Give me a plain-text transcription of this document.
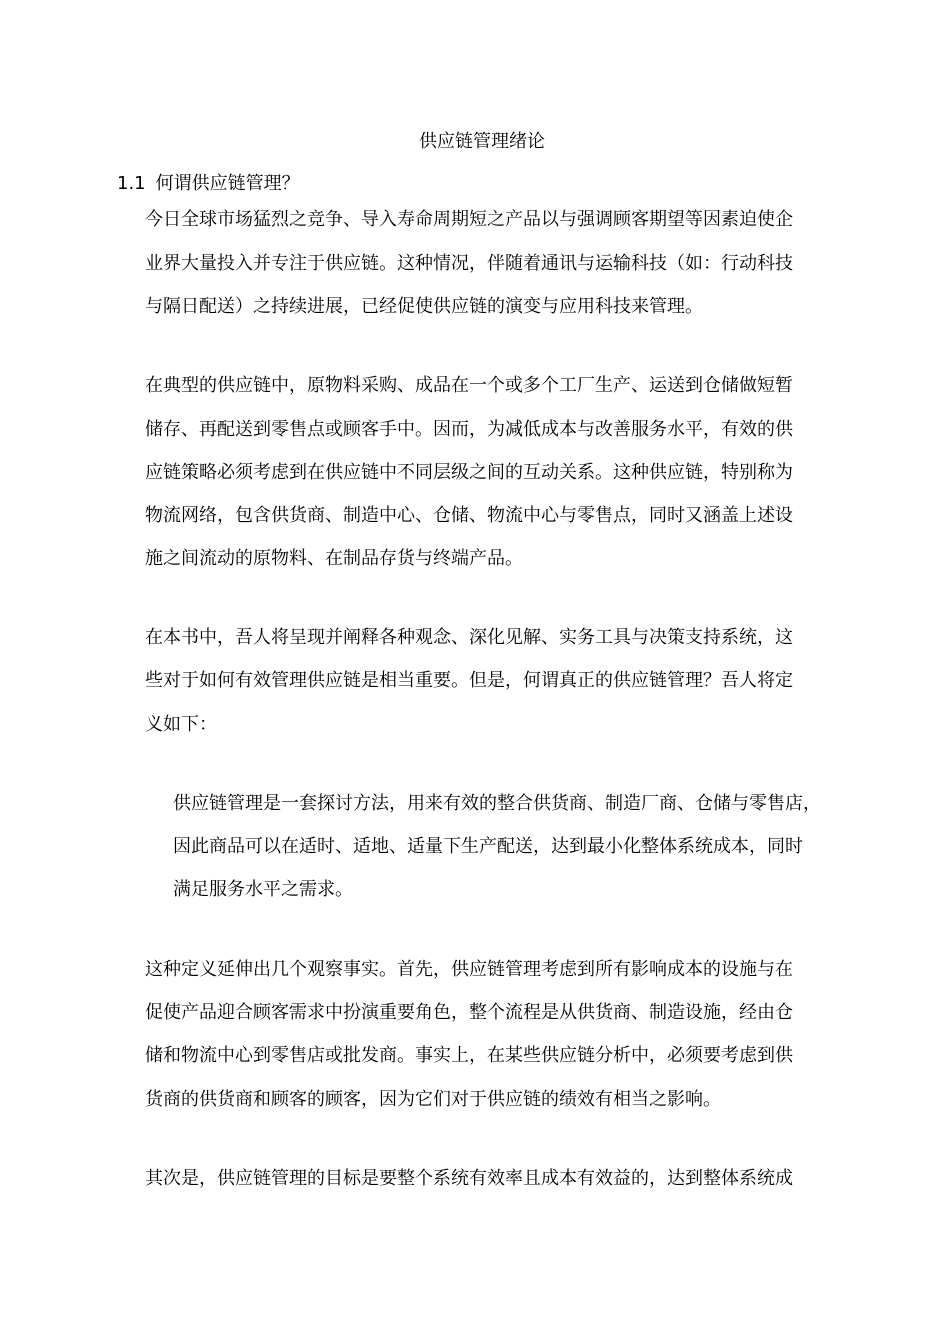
供应链管理绪论
1.1 何谓供应链管理？
今日全球市场猛烈之竞争、导入寿命周期短之产品以与强调顾客期望等因素迫使企
业界大量投入并专注于供应链。这种情况，伴随着通讯与运输科技（如：行动科技
与隔日配送）之持续进展，已经促使供应链的演变与应用科技来管理。
在典型的供应链中，原物料采购、成品在一个或多个工厂生产、运送到仓储做短暂
储存、再配送到零售点或顾客手中。因而，为减低成本与改善服务水平，有效的供
应链策略必须考虑到在供应链中不同层级之间的互动关系。这种供应链，特别称为
物流网络，包含供货商、制造中心、仓储、物流中心与零售点，同时又涵盖上述设
施之间流动的原物料、在制品存货与终端产品。
在本书中，吾人将呈现并阐释各种观念、深化见解、实务工具与决策支持系统，这
些对于如何有效管理供应链是相当重要。但是，何谓真正的供应链管理？吾人将定
义如下：
供应链管理是一套探讨方法，用来有效的整合供货商、制造厂商、仓储与零售店，
因此商品可以在适时、适地、适量下生产配送，达到最小化整体系统成本，同时
满足服务水平之需求。
这种定义延伸出几个观察事实。首先，供应链管理考虑到所有影响成本的设施与在
促使产品迎合顾客需求中扮演重要角色，整个流程是从供货商、制造设施，经由仓
储和物流中心到零售店或批发商。事实上，在某些供应链分析中，必须要考虑到供
货商的供货商和顾客的顾客，因为它们对于供应链的绩效有相当之影响。
其次是，供应链管理的目标是要整个系统有效率且成本有效益的，达到整体系统成
